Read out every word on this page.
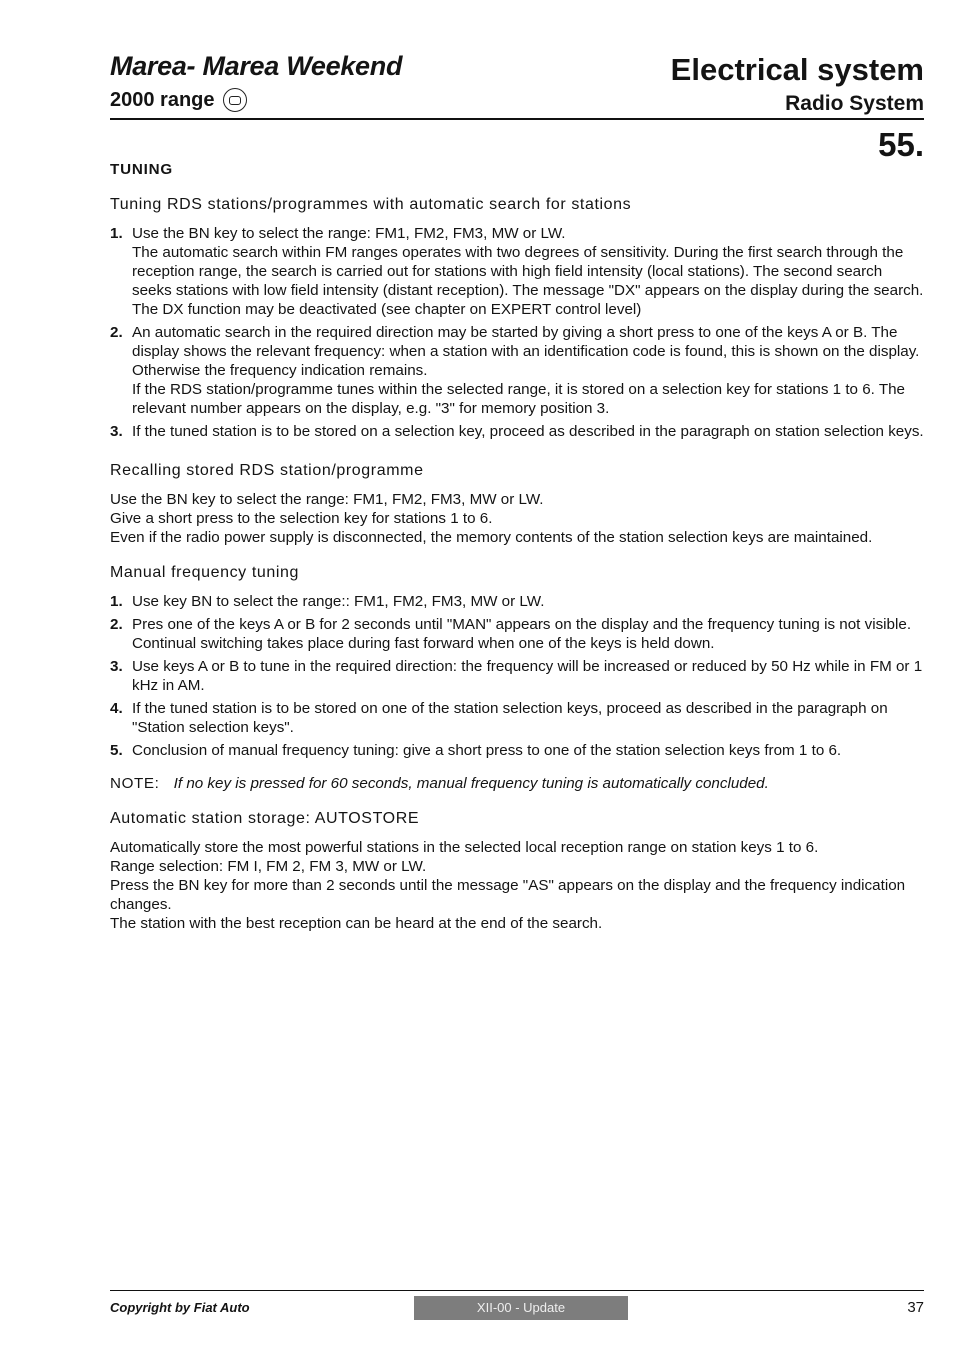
Marea- Marea Weekend
2000 range
Electrical system
Radio System
55.

TUNING

Tuning RDS stations/programmes with automatic search for stations

1. Use the BN key to select the range: FM1, FM2, FM3, MW or LW.

The automatic search within FM ranges operates with two degrees of sensitivity. During the first search through the reception range, the search is carried out for stations with high field intensity (local stations). The second search seeks stations with low field intensity (distant reception). The message "DX" appears on the display during the search.

The DX function may be deactivated (see chapter on EXPERT control level)

2. An automatic search in the required direction may be started by giving a short press to one of the keys A or B. The display shows the relevant frequency: when a station with an identification code is found, this is shown on the display. Otherwise the frequency indication remains.

If the RDS station/programme tunes within the selected range, it is stored on a selection key for stations 1 to 6. The relevant number appears on the display, e.g. "3" for memory position 3.

3. If the tuned station is to be stored on a selection key, proceed as described in the paragraph on station selection keys.

Recalling stored RDS station/programme

Use the BN key to select the range: FM1, FM2, FM3, MW or LW.

Give a short press to the selection key for stations 1 to 6.

Even if the radio power supply is disconnected, the memory contents of the station selection keys are maintained.

Manual frequency tuning

1. Use key BN to select the range:: FM1, FM2, FM3, MW or LW.

2. Pres one of the keys A or B for 2 seconds until "MAN" appears on the display and the frequency tuning is not visible. Continual switching takes place during fast forward when one of the keys is held down.

3. Use keys A or B to tune in the required direction: the frequency will be increased or reduced by 50 Hz while in FM or 1 kHz in AM.

4. If the tuned station is to be stored on one of the station selection keys, proceed as described in the paragraph on "Station selection keys".

5. Conclusion of manual frequency tuning: give a short press to one of the station selection keys from 1 to 6.

NOTE: If no key is pressed for 60 seconds, manual frequency tuning is automatically concluded.

Automatic station storage: AUTOSTORE

Automatically store the most powerful stations in the selected local reception range on station keys 1 to 6.

Range selection: FM I, FM 2, FM 3, MW or LW.

Press the BN key for more than 2 seconds until the message "AS" appears on the display and the frequency indication changes.

The station with the best reception can be heard at the end of the search.

Copyright by Fiat Auto	XII-00 - Update	37
